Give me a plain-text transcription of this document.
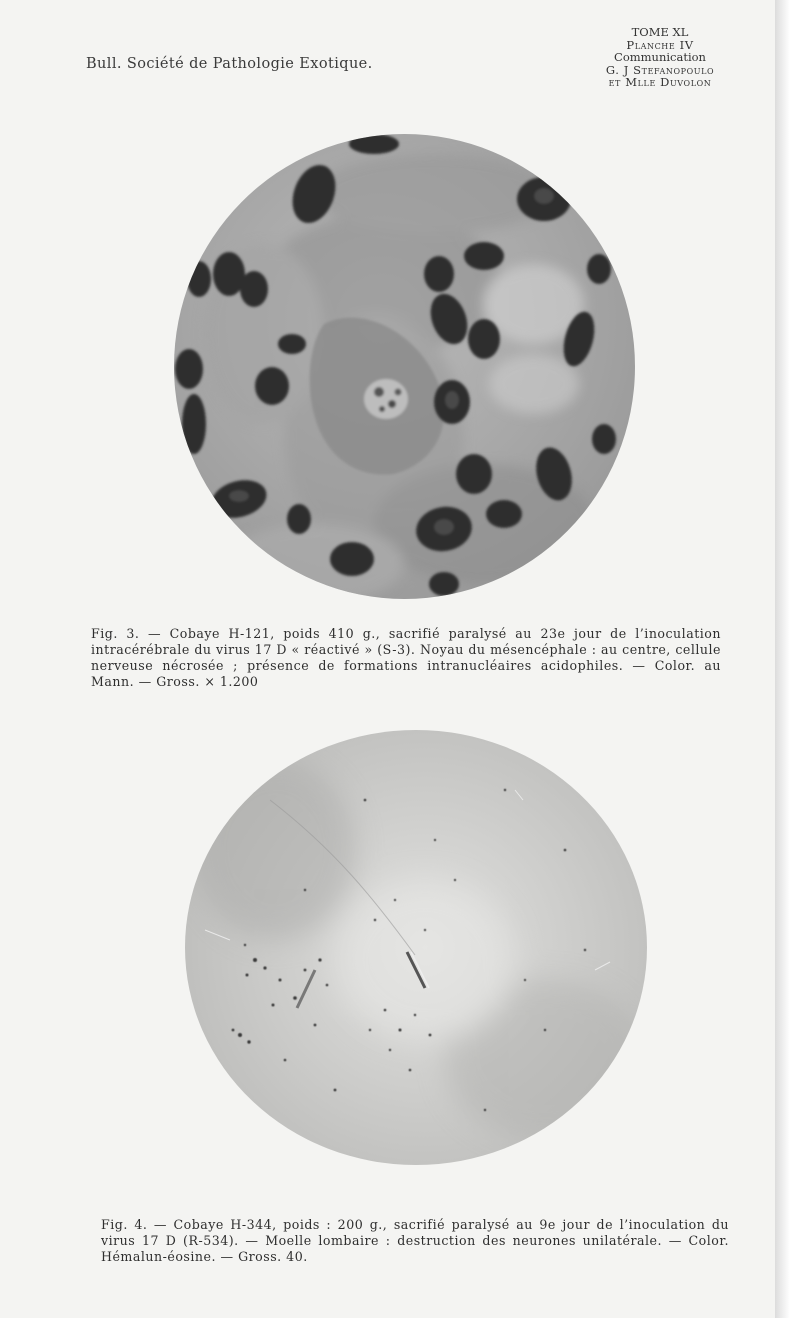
Bull. Société de Pathologie Exotique.
TOME XL
Planche IV
Communication
G. J Stefanopoulo
et Mlle Duvolon
Fig. 3. — Cobaye H-121, poids 410 g., sacrifié paralysé au 23e jour de l’inoculation intracérébrale du virus 17 D « réactivé » (S-3). Noyau du mésencéphale : au centre, cellule nerveuse nécrosée ; présence de formations intranucléaires acidophiles. — Color. au Mann. — Gross. × 1.200
Fig. 4. — Cobaye H-344, poids : 200 g., sacrifié paralysé au 9e jour de l’inoculation du virus 17 D (R-534). — Moelle lombaire : destruction des neurones unilatérale. — Color. Hémalun-éosine. — Gross. 40.
